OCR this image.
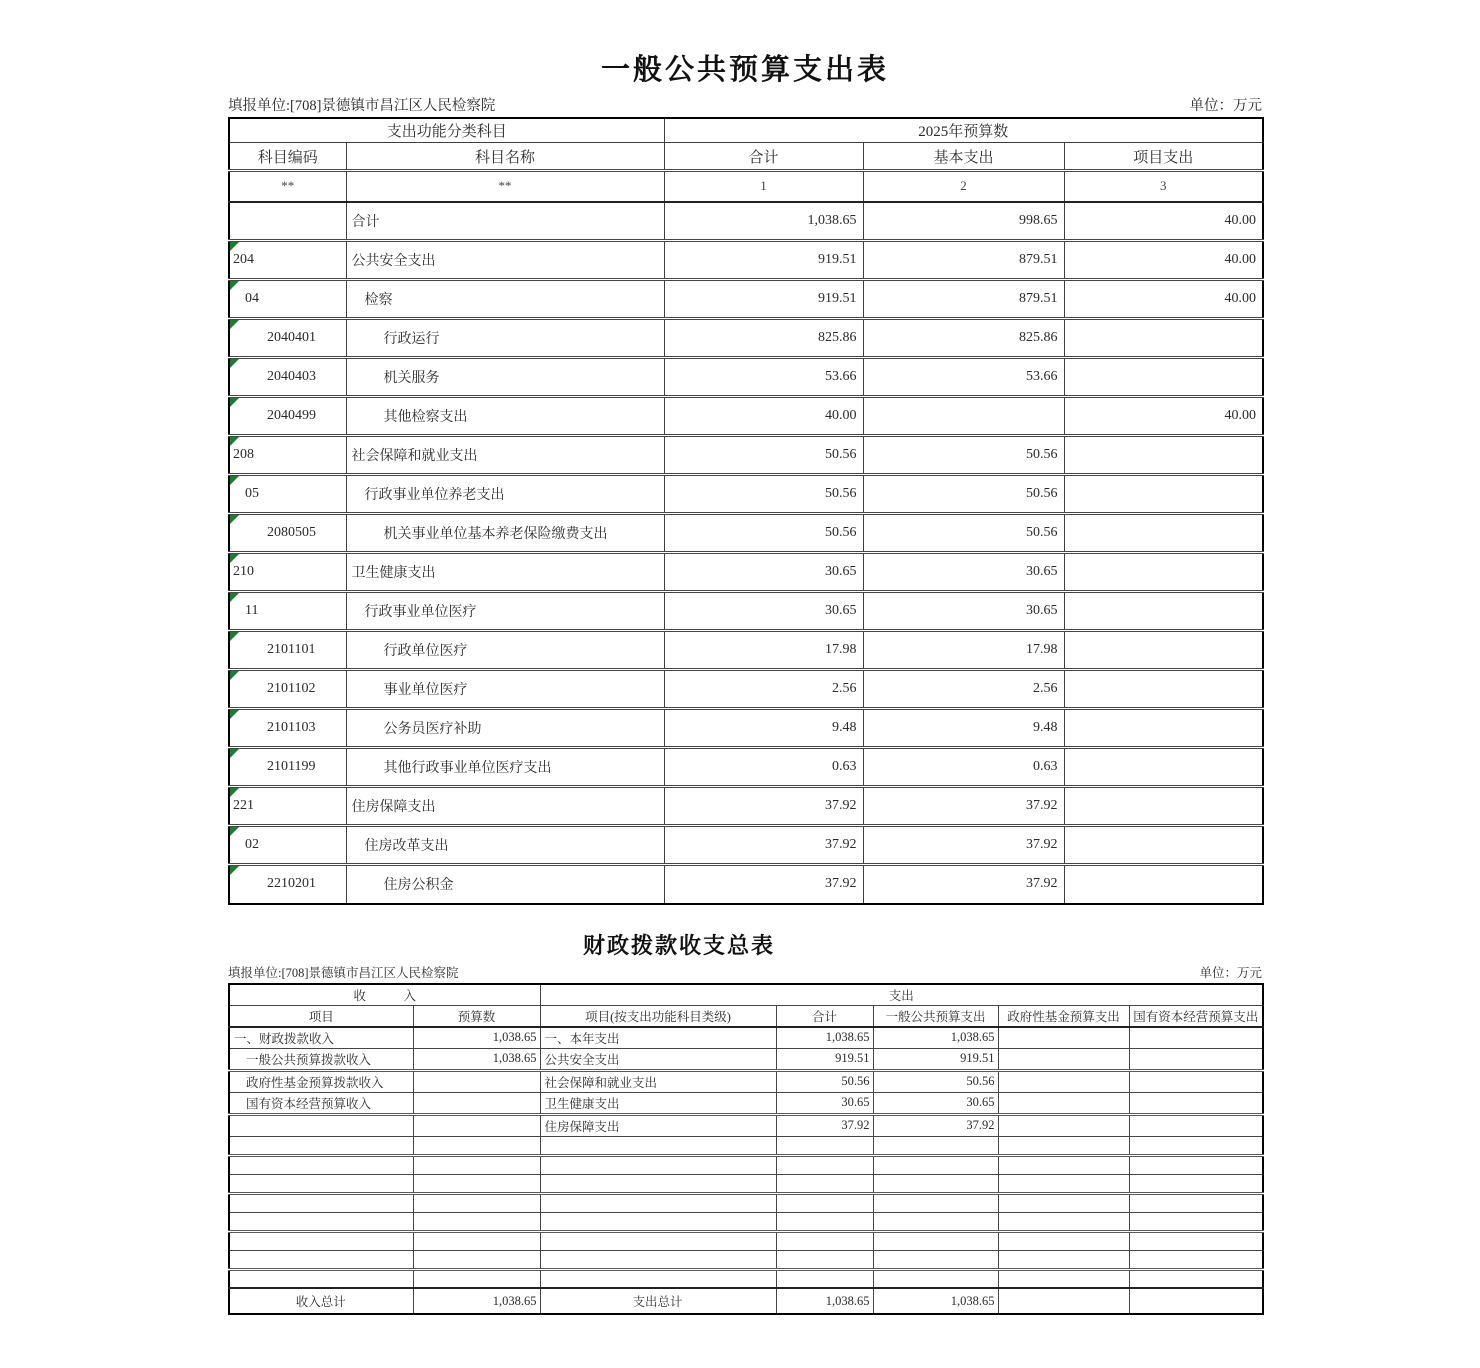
一般公共预算支出表
填报单位:[708]景德镇市昌江区人民检察院	单位：万元
支出功能分类科目		2025年预算数		
科目编码	科目名称	合计	基本支出	项目支出
**	**	1	2	3
	合计	1,038.65	998.65	40.00
204	公共安全支出	919.51	879.51	40.00
04	检察	919.51	879.51	40.00
2040401	行政运行	825.86	825.86	
2040403	机关服务	53.66	53.66	
2040499	其他检察支出	40.00		40.00
208	社会保障和就业支出	50.56	50.56	
05	行政事业单位养老支出	50.56	50.56	
2080505	机关事业单位基本养老保险缴费支出	50.56	50.56	
210	卫生健康支出	30.65	30.65	
11	行政事业单位医疗	30.65	30.65	
2101101	行政单位医疗	17.98	17.98	
2101102	事业单位医疗	2.56	2.56	
2101103	公务员医疗补助	9.48	9.48	
2101199	其他行政事业单位医疗支出	0.63	0.63	
221	住房保障支出	37.92	37.92	
02	住房改革支出	37.92	37.92	
2210201	住房公积金	37.92	37.92	
财政拨款收支总表
填报单位:[708]景德镇市昌江区人民检察院	单位：万元
收　　　入		支出				
项目	预算数	项目(按支出功能科目类级)	合计	一般公共预算支出	政府性基金预算支出	国有资本经营预算支出
一、财政拨款收入	1,038.65	一、本年支出	1,038.65	1,038.65		
一般公共预算拨款收入	1,038.65	公共安全支出	919.51	919.51		
政府性基金预算拨款收入		社会保障和就业支出	50.56	50.56		
国有资本经营预算收入		卫生健康支出	30.65	30.65		
		住房保障支出	37.92	37.92		

收入总计	1,038.65	支出总计	1,038.65	1,038.65		
